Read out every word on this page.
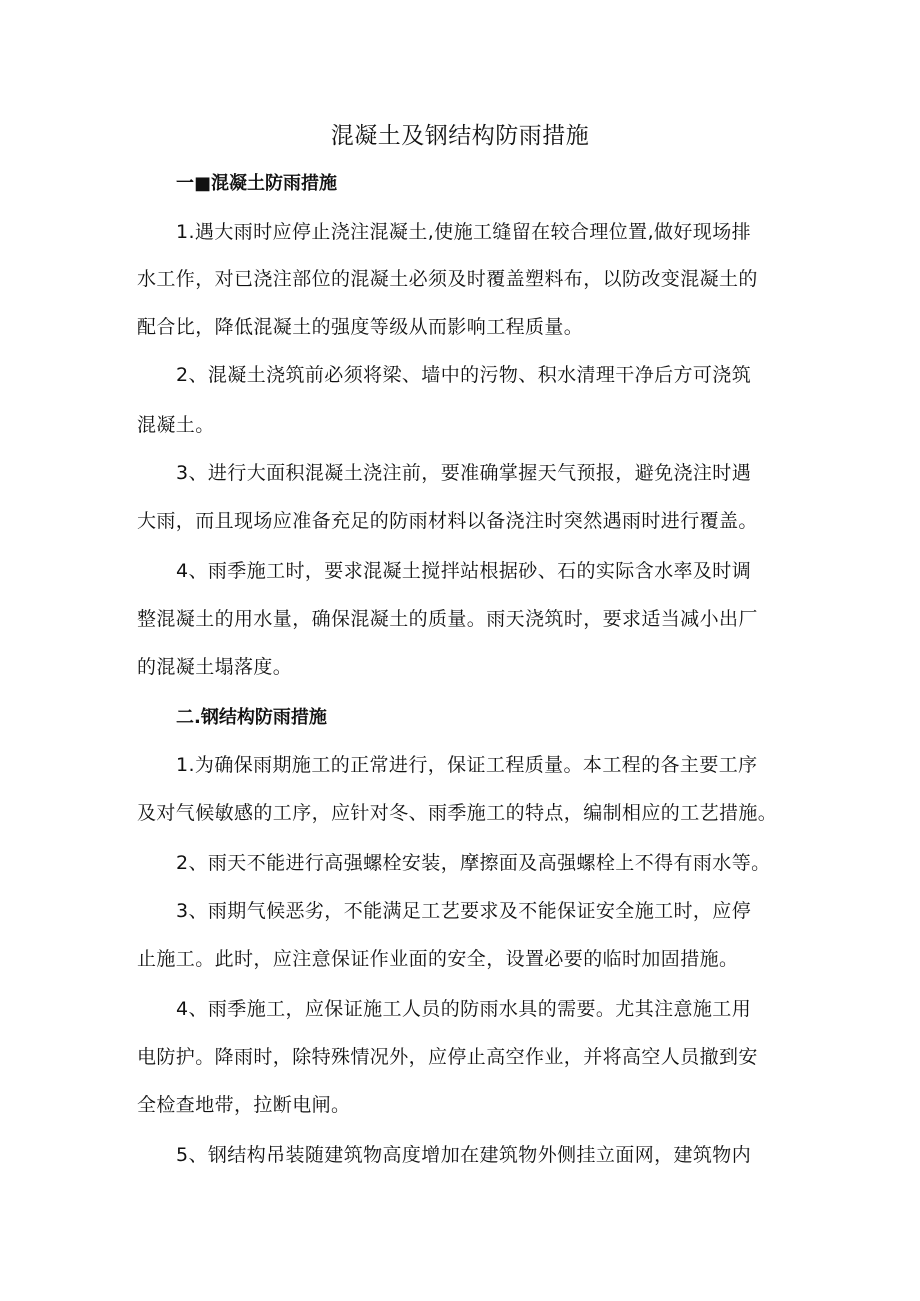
混凝土及钢结构防雨措施
一■混凝土防雨措施
1.遇大雨时应停止浇注混凝土,使施工缝留在较合理位置,做好现场排
水工作，对已浇注部位的混凝土必须及时覆盖塑料布，以防改变混凝土的
配合比，降低混凝土的强度等级从而影响工程质量。
2、混凝土浇筑前必须将梁、墙中的污物、积水清理干净后方可浇筑
混凝土。
3、进行大面积混凝土浇注前，要准确掌握天气预报，避免浇注时遇
大雨，而且现场应准备充足的防雨材料以备浇注时突然遇雨时进行覆盖。
4、雨季施工时，要求混凝土搅拌站根据砂、石的实际含水率及时调
整混凝土的用水量，确保混凝土的质量。雨天浇筑时，要求适当减小出厂
的混凝土塌落度。
二.钢结构防雨措施
1.为确保雨期施工的正常进行，保证工程质量。本工程的各主要工序
及对气候敏感的工序，应针对冬、雨季施工的特点，编制相应的工艺措施。
2、雨天不能进行高强螺栓安装，摩擦面及高强螺栓上不得有雨水等。
3、雨期气候恶劣，不能满足工艺要求及不能保证安全施工时，应停
止施工。此时，应注意保证作业面的安全，设置必要的临时加固措施。
4、雨季施工，应保证施工人员的防雨水具的需要。尤其注意施工用
电防护。降雨时，除特殊情况外，应停止高空作业，并将高空人员撤到安
全检查地带，拉断电闸。
5、钢结构吊装随建筑物高度增加在建筑物外侧挂立面网，建筑物内
